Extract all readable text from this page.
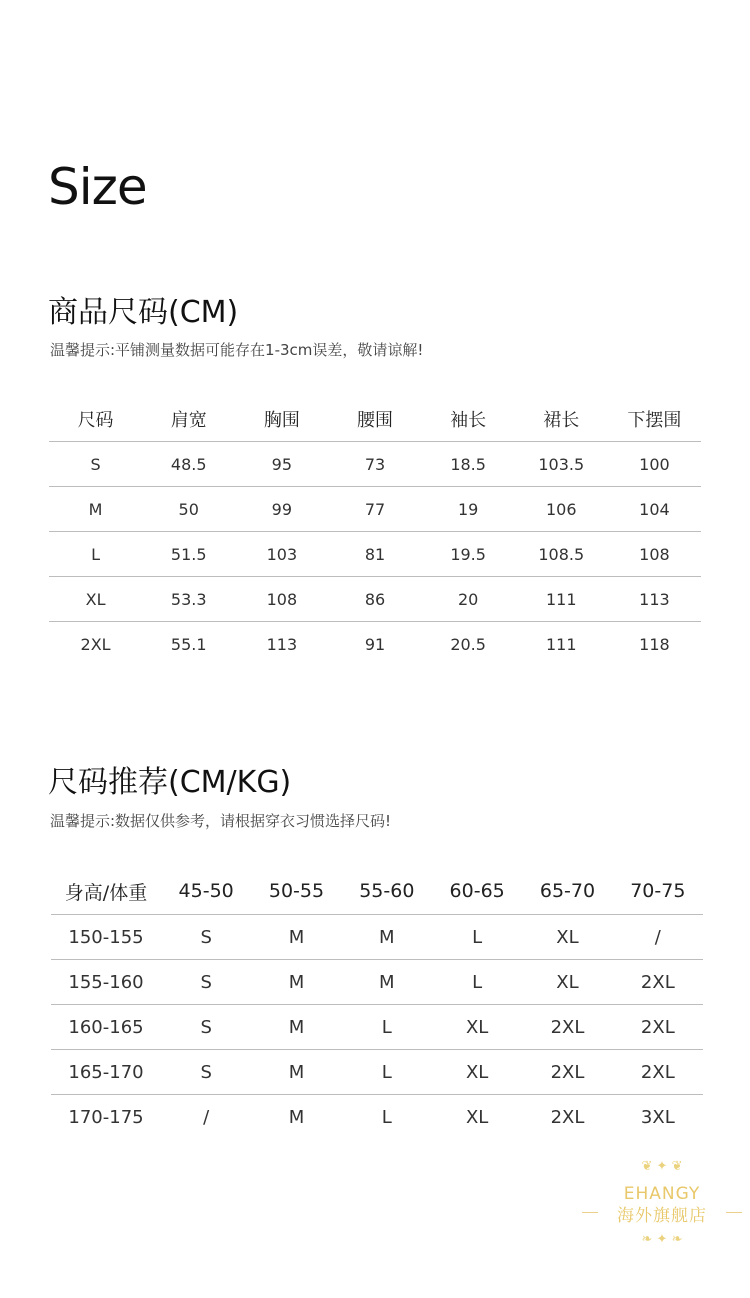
Size
商品尺码(CM)
温馨提示:平铺测量数据可能存在1-3cm误差，敬请谅解!
尺码	肩宽	胸围	腰围	袖长	裙长	下摆围
S	48.5	95	73	18.5	103.5	100
M	50	99	77	19	106	104
L	51.5	103	81	19.5	108.5	108
XL	53.3	108	86	20	111	113
2XL	55.1	113	91	20.5	111	118
尺码推荐(CM/KG)
温馨提示:数据仅供参考，请根据穿衣习惯选择尺码!
身高/体重	45-50	50-55	55-60	60-65	65-70	70-75
150-155	S	M	M	L	XL	/
155-160	S	M	M	L	XL	2XL
160-165	S	M	L	XL	2XL	2XL
165-170	S	M	L	XL	2XL	2XL
170-175	/	M	L	XL	2XL	3XL
❦ ✦ ❦
EHANGY
海外旗舰店
❧ ✦ ❧
